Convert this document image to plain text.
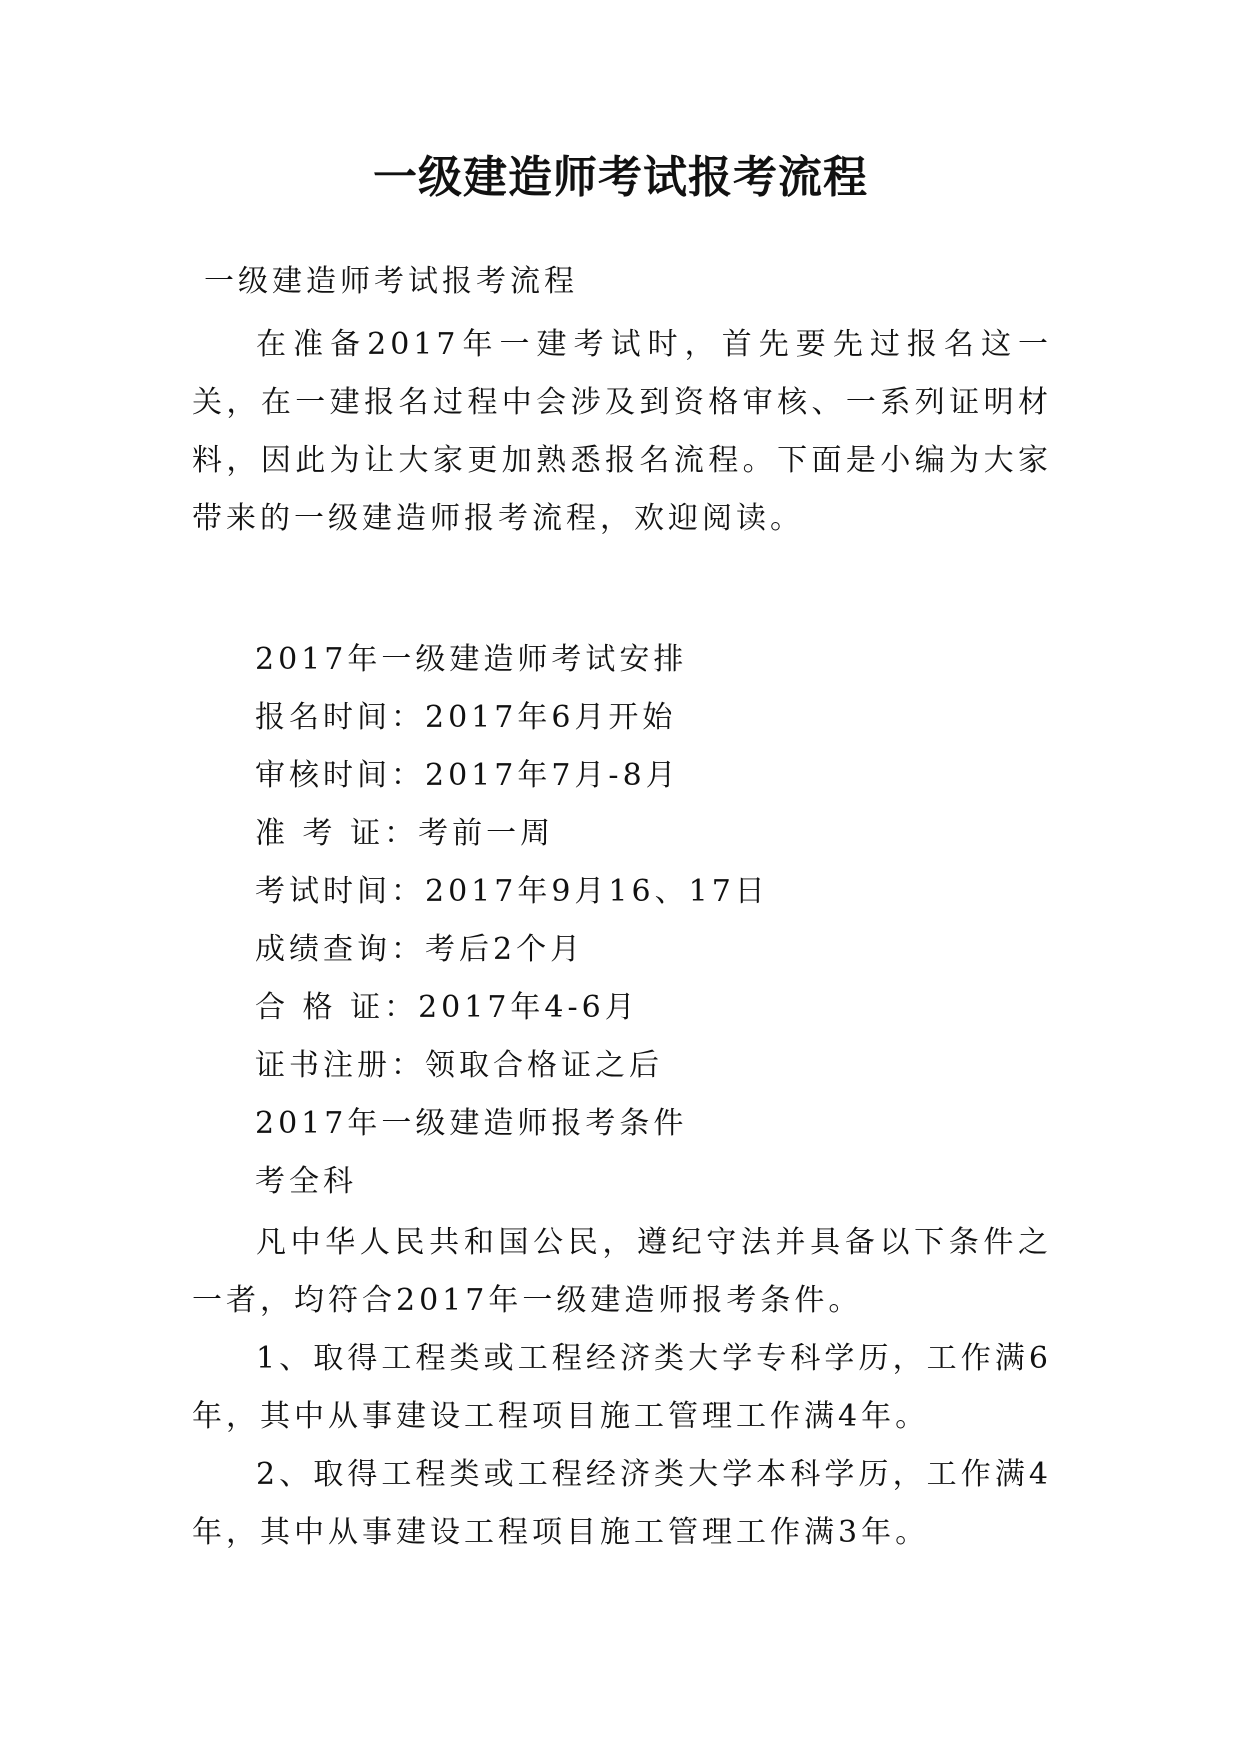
一级建造师考试报考流程

一级建造师考试报考流程

在准备2017年一建考试时，首先要先过报名这一关，在一建报名过程中会涉及到资格审核、一系列证明材料，因此为让大家更加熟悉报名流程。下面是小编为大家带来的一级建造师报考流程，欢迎阅读。

2017年一级建造师考试安排

报名时间：2017年6月开始

审核时间：2017年7月-8月

准 考 证：考前一周

考试时间：2017年9月16、17日

成绩查询：考后2个月

合 格 证：2017年4-6月

证书注册：领取合格证之后

2017年一级建造师报考条件

考全科

凡中华人民共和国公民，遵纪守法并具备以下条件之一者，均符合2017年一级建造师报考条件。

1、取得工程类或工程经济类大学专科学历，工作满6年，其中从事建设工程项目施工管理工作满4年。

2、取得工程类或工程经济类大学本科学历，工作满4年，其中从事建设工程项目施工管理工作满3年。
